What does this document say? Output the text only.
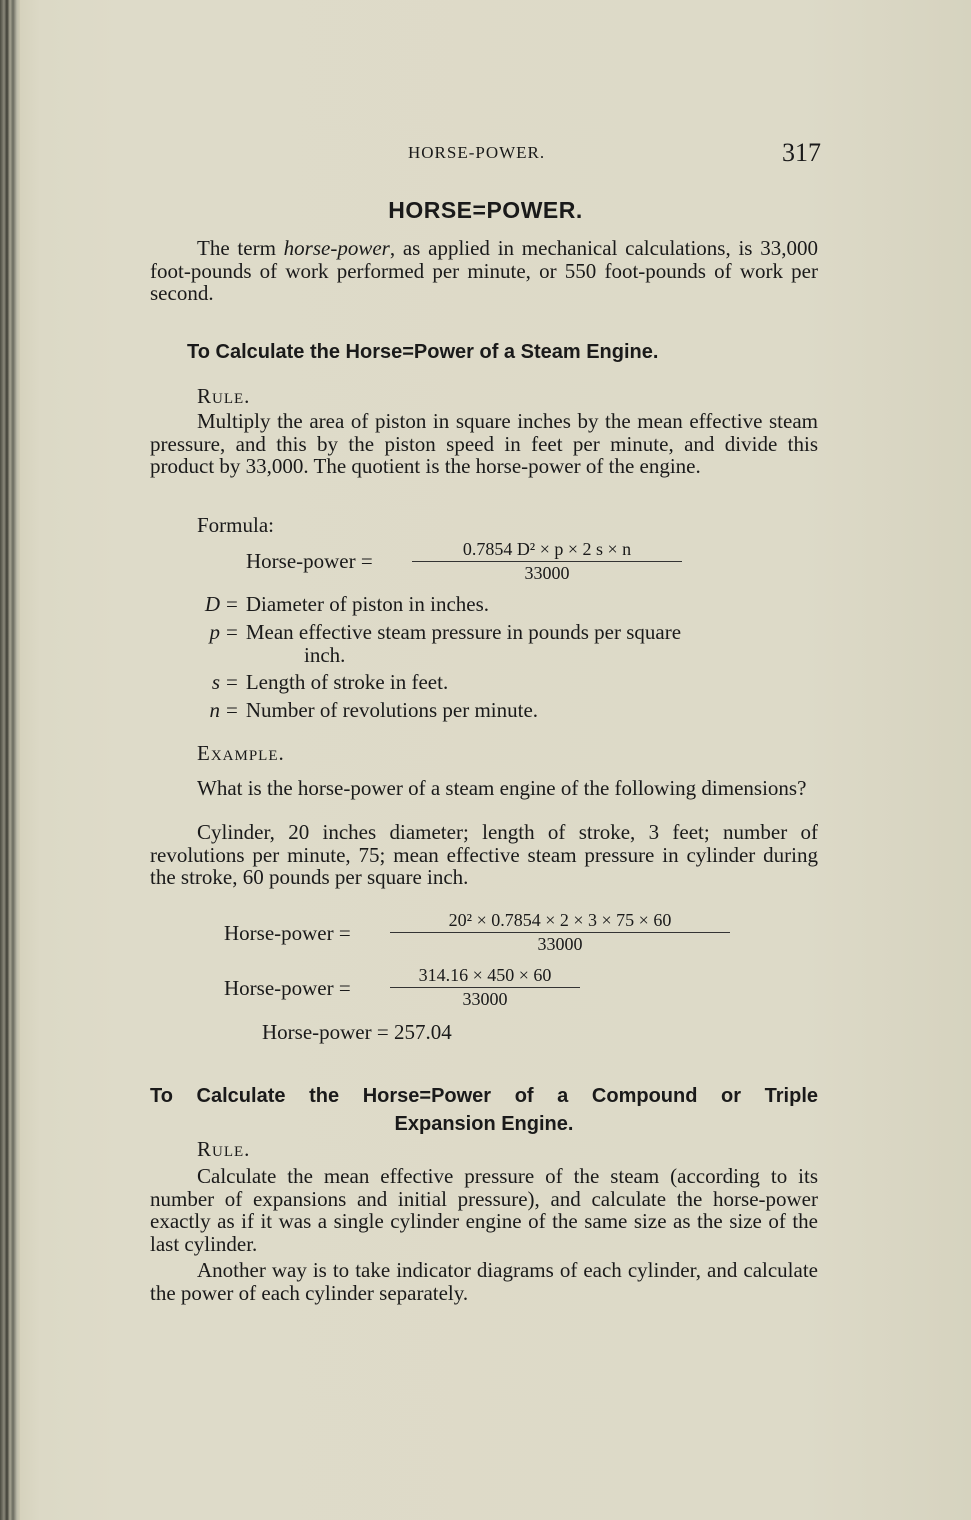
HORSE-POWER.	317
HORSE=POWER.

The term horse-power, as applied in mechanical calculations, is 33,000 foot-pounds of work performed per minute, or 550 foot-pounds of work per second.

To Calculate the Horse=Power of a Steam Engine.
Rule.

Multiply the area of piston in square inches by the mean effective steam pressure, and this by the piston speed in feet per minute, and divide this product by 33,000. The quotient is the horse-power of the engine.

Formula:
Horse-power = $\frac{\text{0.7854 D² × p × 2 s × n}}{33000}$
D = Diameter of piston in inches.
p = Mean effective steam pressure in pounds per square
inch.
s = Length of stroke in feet.
n = Number of revolutions per minute.
Example.

What is the horse-power of a steam engine of the following dimensions?

Cylinder, 20 inches diameter; length of stroke, 3 feet; number of revolutions per minute, 75; mean effective steam pressure in cylinder during the stroke, 60 pounds per square inch.

Horse-power = $\frac{\text{20² × 0.7854 × 2 × 3 × 75 × 60}}{33000}$
Horse-power = $\frac{314.16 \times 450 \times 60}{33000}$
Horse-power = 257.04
To Calculate the Horse=Power of a Compound or Triple
Expansion Engine.
Rule.

Calculate the mean effective pressure of the steam (according to its number of expansions and initial pressure), and calculate the horse-power exactly as if it was a single cylinder engine of the same size as the size of the last cylinder.

Another way is to take indicator diagrams of each cylinder, and calculate the power of each cylinder separately.
